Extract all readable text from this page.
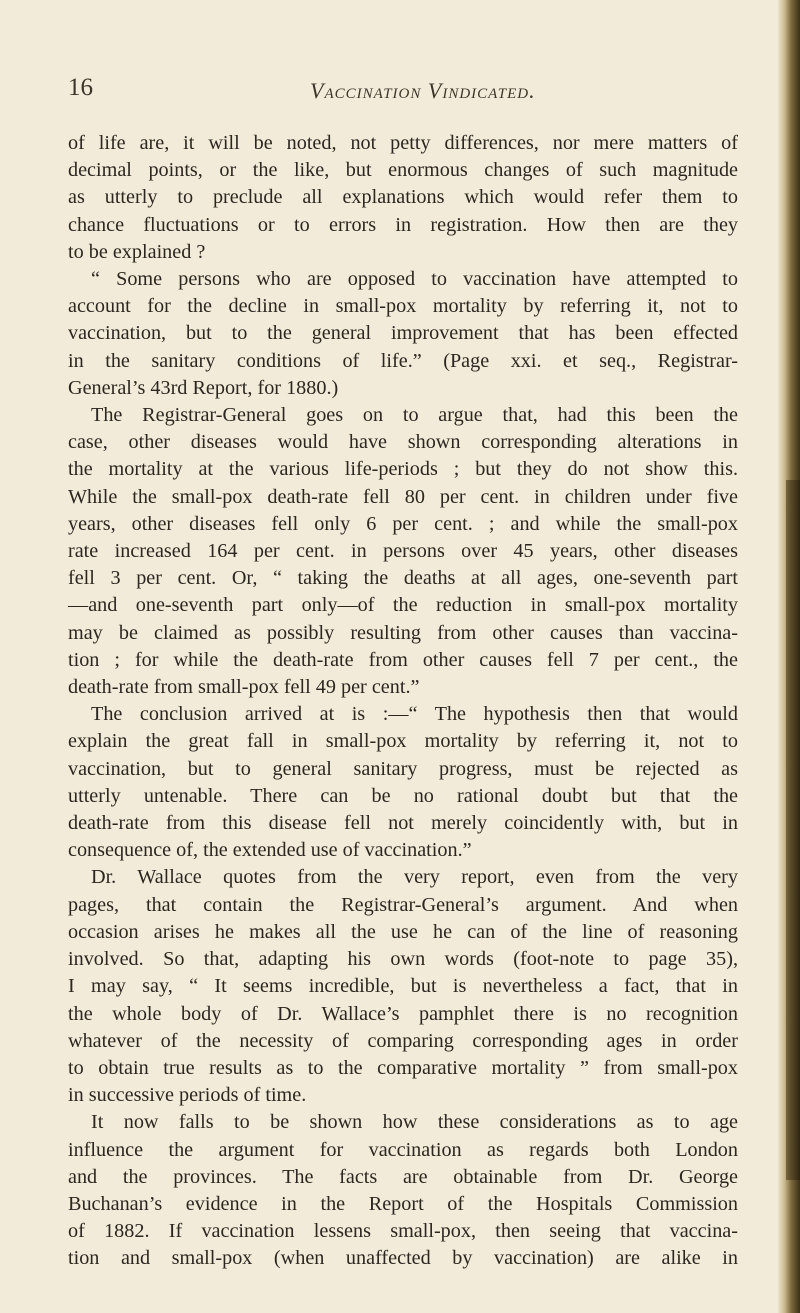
16	Vaccination Vindicated.
of life are, it will be noted, not petty differences, nor mere matters of
decimal points, or the like, but enormous changes of such magnitude
as utterly to preclude all explanations which would refer them to
chance fluctuations or to errors in registration. How then are they
to be explained ?
“ Some persons who are opposed to vaccination have attempted to
account for the decline in small-pox mortality by referring it, not to
vaccination, but to the general improvement that has been effected
in the sanitary conditions of life.” (Page xxi. et seq., Registrar-
General’s 43rd Report, for 1880.)
The Registrar-General goes on to argue that, had this been the
case, other diseases would have shown corresponding alterations in
the mortality at the various life-periods ; but they do not show this.
While the small-pox death-rate fell 80 per cent. in children under five
years, other diseases fell only 6 per cent. ; and while the small-pox
rate increased 164 per cent. in persons over 45 years, other diseases
fell 3 per cent. Or, “ taking the deaths at all ages, one-seventh part
—and one-seventh part only—of the reduction in small-pox mortality
may be claimed as possibly resulting from other causes than vaccina-
tion ; for while the death-rate from other causes fell 7 per cent., the
death-rate from small-pox fell 49 per cent.”
The conclusion arrived at is :—“ The hypothesis then that would
explain the great fall in small-pox mortality by referring it, not to
vaccination, but to general sanitary progress, must be rejected as
utterly untenable. There can be no rational doubt but that the
death-rate from this disease fell not merely coincidently with, but in
consequence of, the extended use of vaccination.”
Dr. Wallace quotes from the very report, even from the very
pages, that contain the Registrar-General’s argument. And when
occasion arises he makes all the use he can of the line of reasoning
involved. So that, adapting his own words (foot-note to page 35),
I may say, “ It seems incredible, but is nevertheless a fact, that in
the whole body of Dr. Wallace’s pamphlet there is no recognition
whatever of the necessity of comparing corresponding ages in order
to obtain true results as to the comparative mortality ” from small-pox
in successive periods of time.
It now falls to be shown how these considerations as to age
influence the argument for vaccination as regards both London
and the provinces. The facts are obtainable from Dr. George
Buchanan’s evidence in the Report of the Hospitals Commission
of 1882. If vaccination lessens small-pox, then seeing that vaccina-
tion and small-pox (when unaffected by vaccination) are alike in
